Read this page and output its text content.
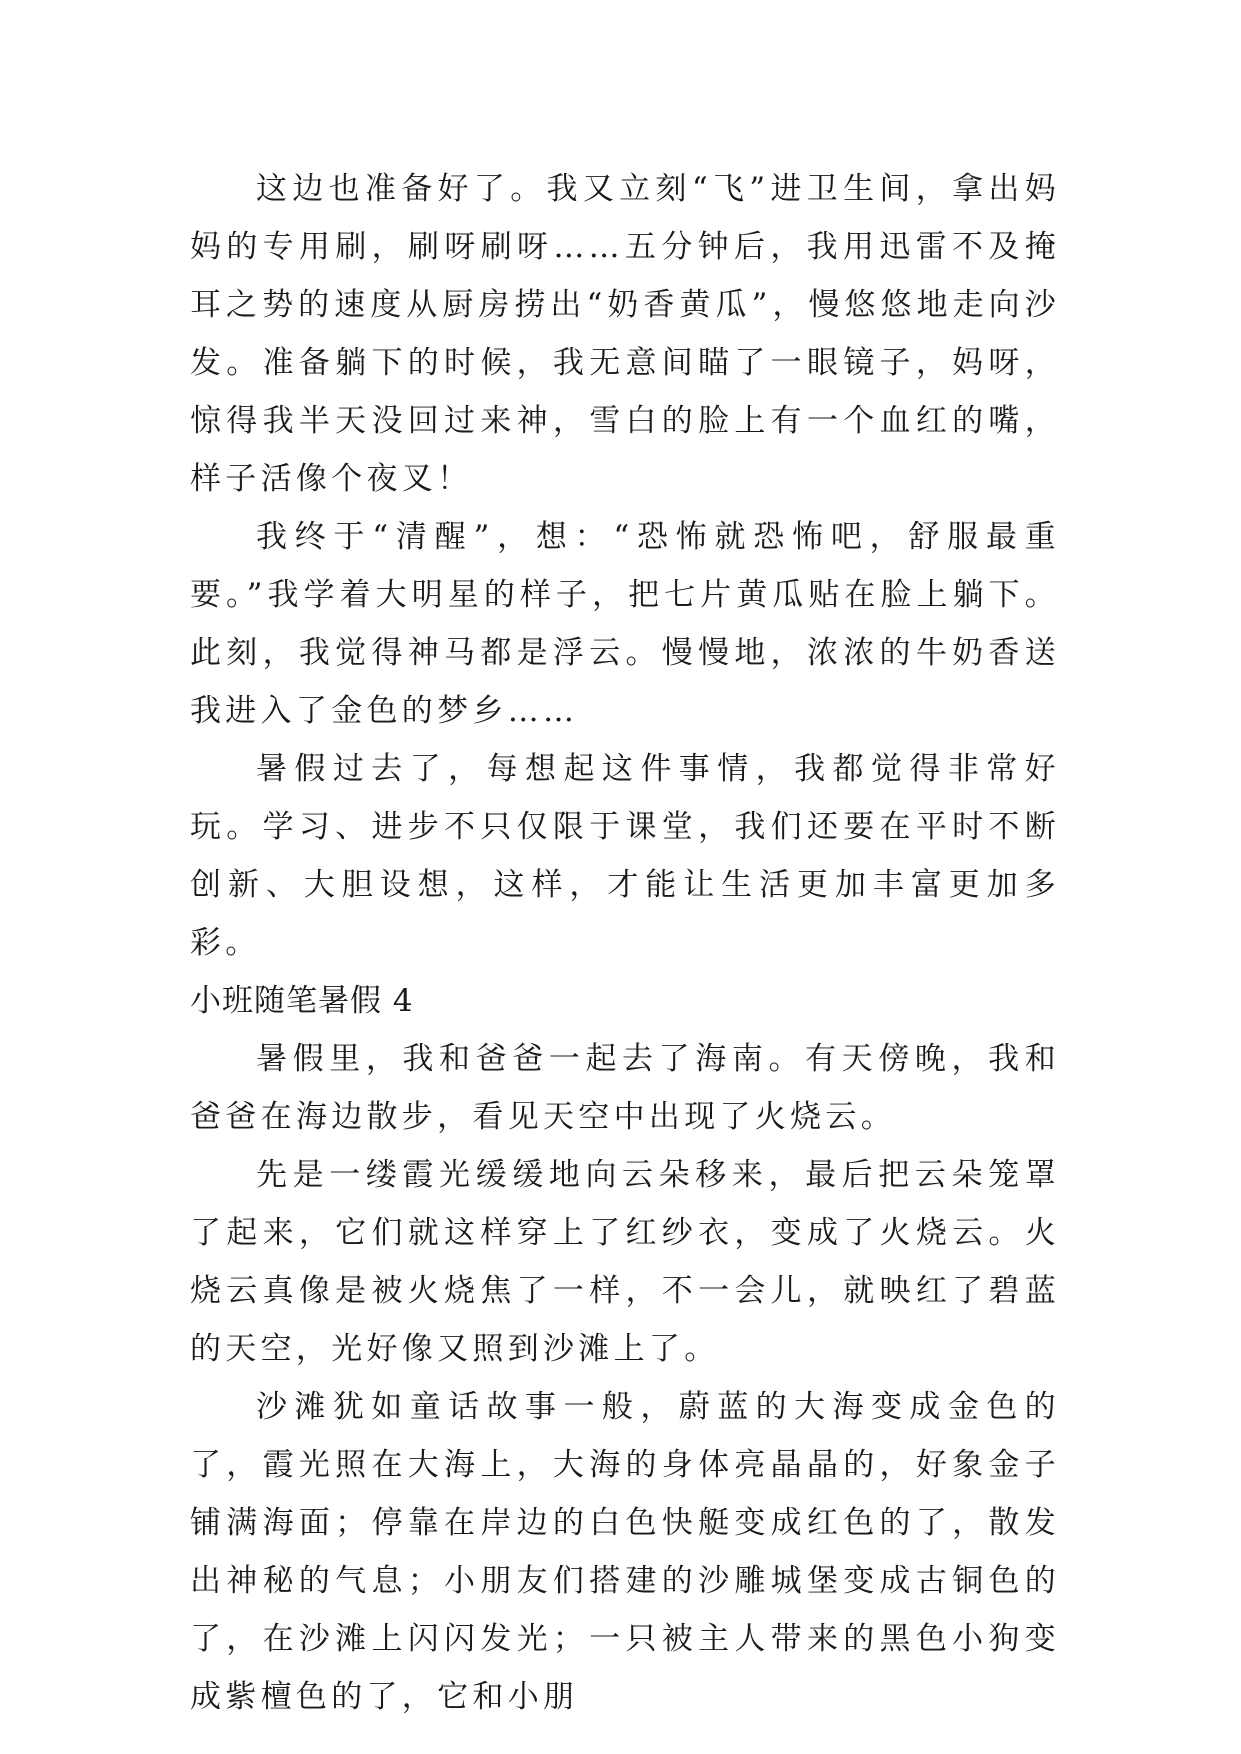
这边也准备好了。我又立刻“飞”进卫生间，拿出妈妈的专用刷，刷呀刷呀……五分钟后，我用迅雷不及掩耳之势的速度从厨房捞出“奶香黄瓜”，慢悠悠地走向沙发。准备躺下的时候，我无意间瞄了一眼镜子，妈呀，惊得我半天没回过来神，雪白的脸上有一个血红的嘴，样子活像个夜叉！

我终于“清醒”，想：“恐怖就恐怖吧，舒服最重要。”我学着大明星的样子，把七片黄瓜贴在脸上躺下。此刻，我觉得神马都是浮云。慢慢地，浓浓的牛奶香送我进入了金色的梦乡……

暑假过去了，每想起这件事情，我都觉得非常好玩。学习、进步不只仅限于课堂，我们还要在平时不断创新、大胆设想，这样，才能让生活更加丰富更加多彩。

小班随笔暑假 4

暑假里，我和爸爸一起去了海南。有天傍晚，我和爸爸在海边散步，看见天空中出现了火烧云。

先是一缕霞光缓缓地向云朵移来，最后把云朵笼罩了起来，它们就这样穿上了红纱衣，变成了火烧云。火烧云真像是被火烧焦了一样，不一会儿，就映红了碧蓝的天空，光好像又照到沙滩上了。

沙滩犹如童话故事一般，蔚蓝的大海变成金色的了，霞光照在大海上，大海的身体亮晶晶的，好象金子铺满海面；停靠在岸边的白色快艇变成红色的了，散发出神秘的气息；小朋友们搭建的沙雕城堡变成古铜色的了，在沙滩上闪闪发光；一只被主人带来的黑色小狗变成紫檀色的了，它和小朋
